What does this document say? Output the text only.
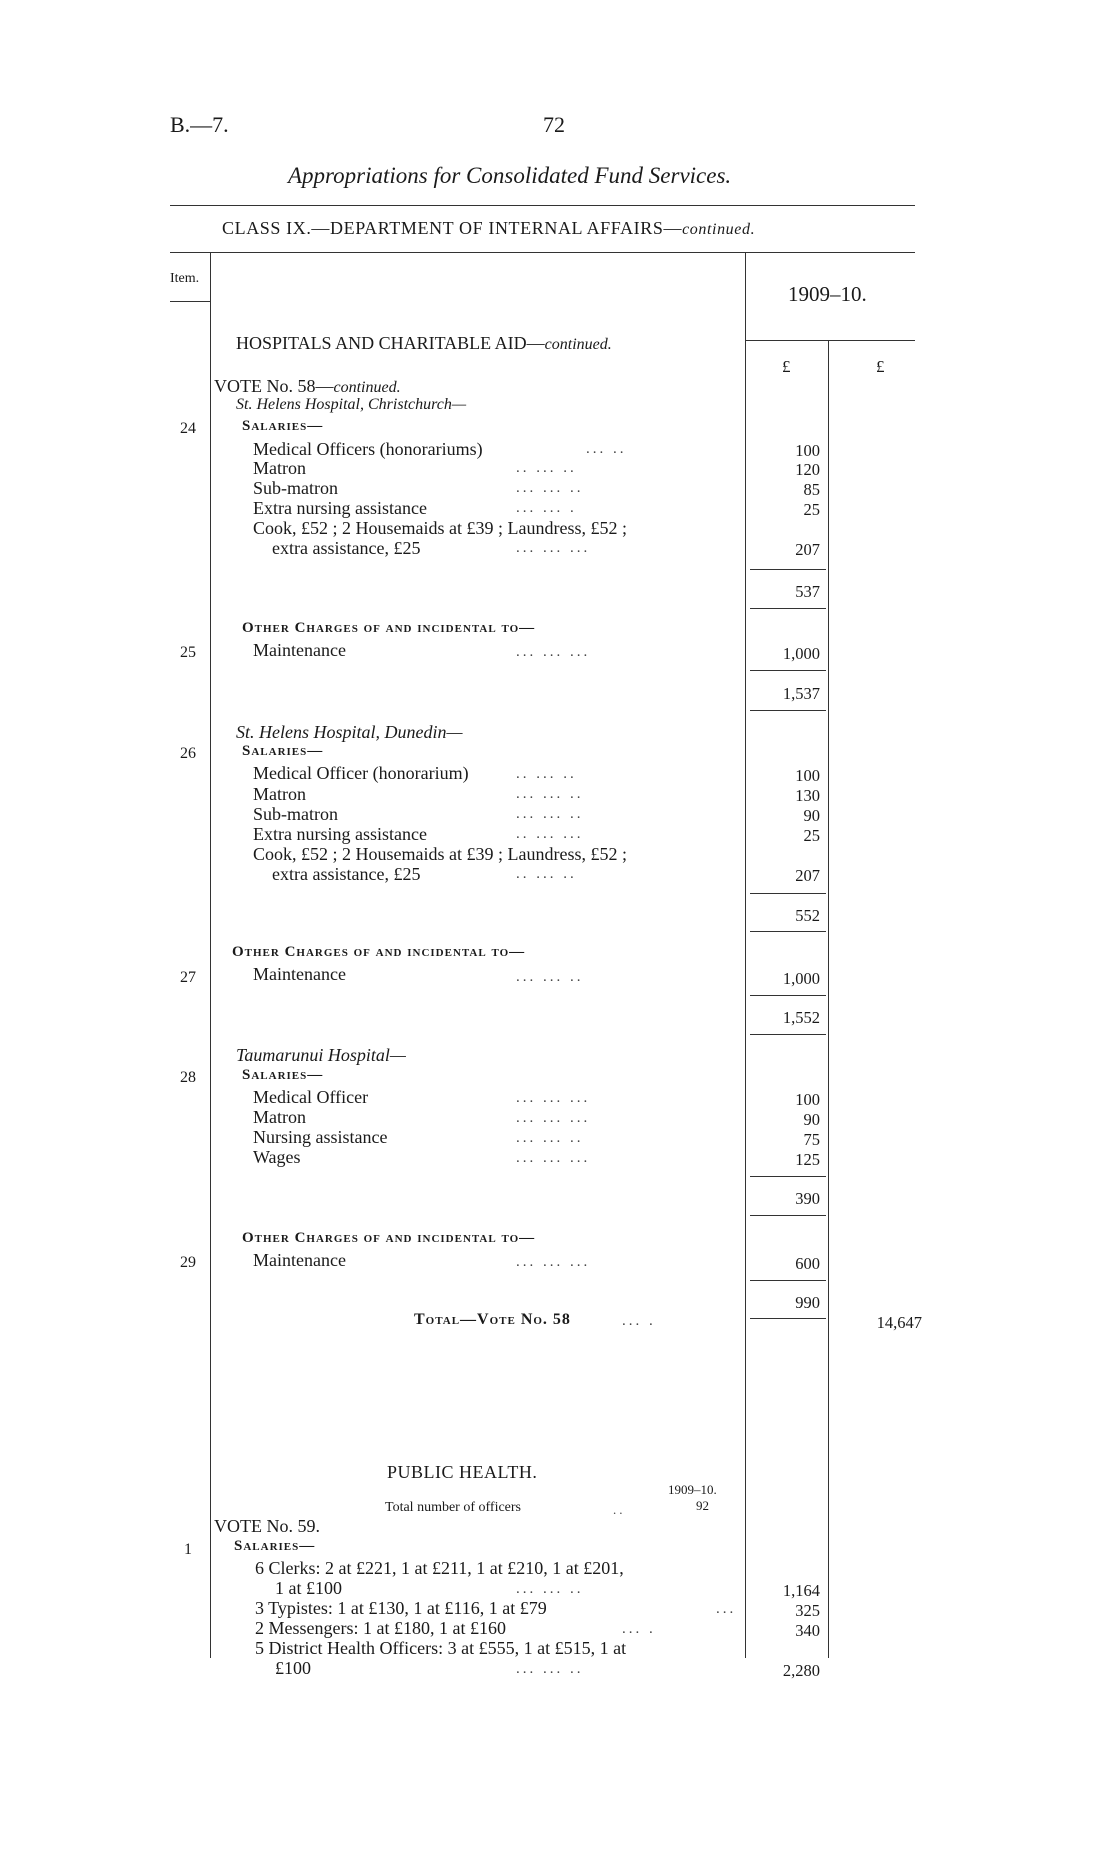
B.—7.	72
Appropriations for Consolidated Fund Services.
CLASS IX.—DEPARTMENT OF INTERNAL AFFAIRS—continued.
Item.
1909–10.
£	£
HOSPITALS AND CHARITABLE AID—continued.
VOTE No. 58—continued.
St. Helens Hospital, Christchurch—
24	Salaries—
Medical Officers (honorariums)	... ..	100
Matron	.. ... ..	120
Sub-matron	... ... ..	85
Extra nursing assistance	... ... .	25
Cook, £52 ; 2 Housemaids at £39 ; Laundress, £52 ;
extra assistance, £25	... ... ...	207
537
Other Charges of and incidental to—
25	Maintenance	... ... ...	1,000
1,537
St. Helens Hospital, Dunedin—
26	Salaries—
Medical Officer (honorarium)	.. ... ..	100
Matron	... ... ..	130
Sub-matron	... ... ..	90
Extra nursing assistance	.. ... ...	25
Cook, £52 ; 2 Housemaids at £39 ; Laundress, £52 ;
extra assistance, £25	.. ... ..	207
552
Other Charges of and incidental to—
27	Maintenance	... ... ..	1,000
1,552
Taumarunui Hospital—
28	Salaries—
Medical Officer	... ... ...	100
Matron	... ... ...	90
Nursing assistance	... ... ..	75
Wages	... ... ...	125
390
Other Charges of and incidental to—
29	Maintenance	... ... ...	600
990
Total—Vote No. 58	... .	14,647
PUBLIC HEALTH.
1909–10.
Total number of officers	..	92
VOTE No. 59.
1	Salaries—
6 Clerks: 2 at £221, 1 at £211, 1 at £210, 1 at £201,
1 at £100	... ... ..	1,164
3 Typistes: 1 at £130, 1 at £116, 1 at £79	...	325
2 Messengers: 1 at £180, 1 at £160	... .	340
5 District Health Officers: 3 at £555, 1 at £515, 1 at
£100	... ... ..	2,280
